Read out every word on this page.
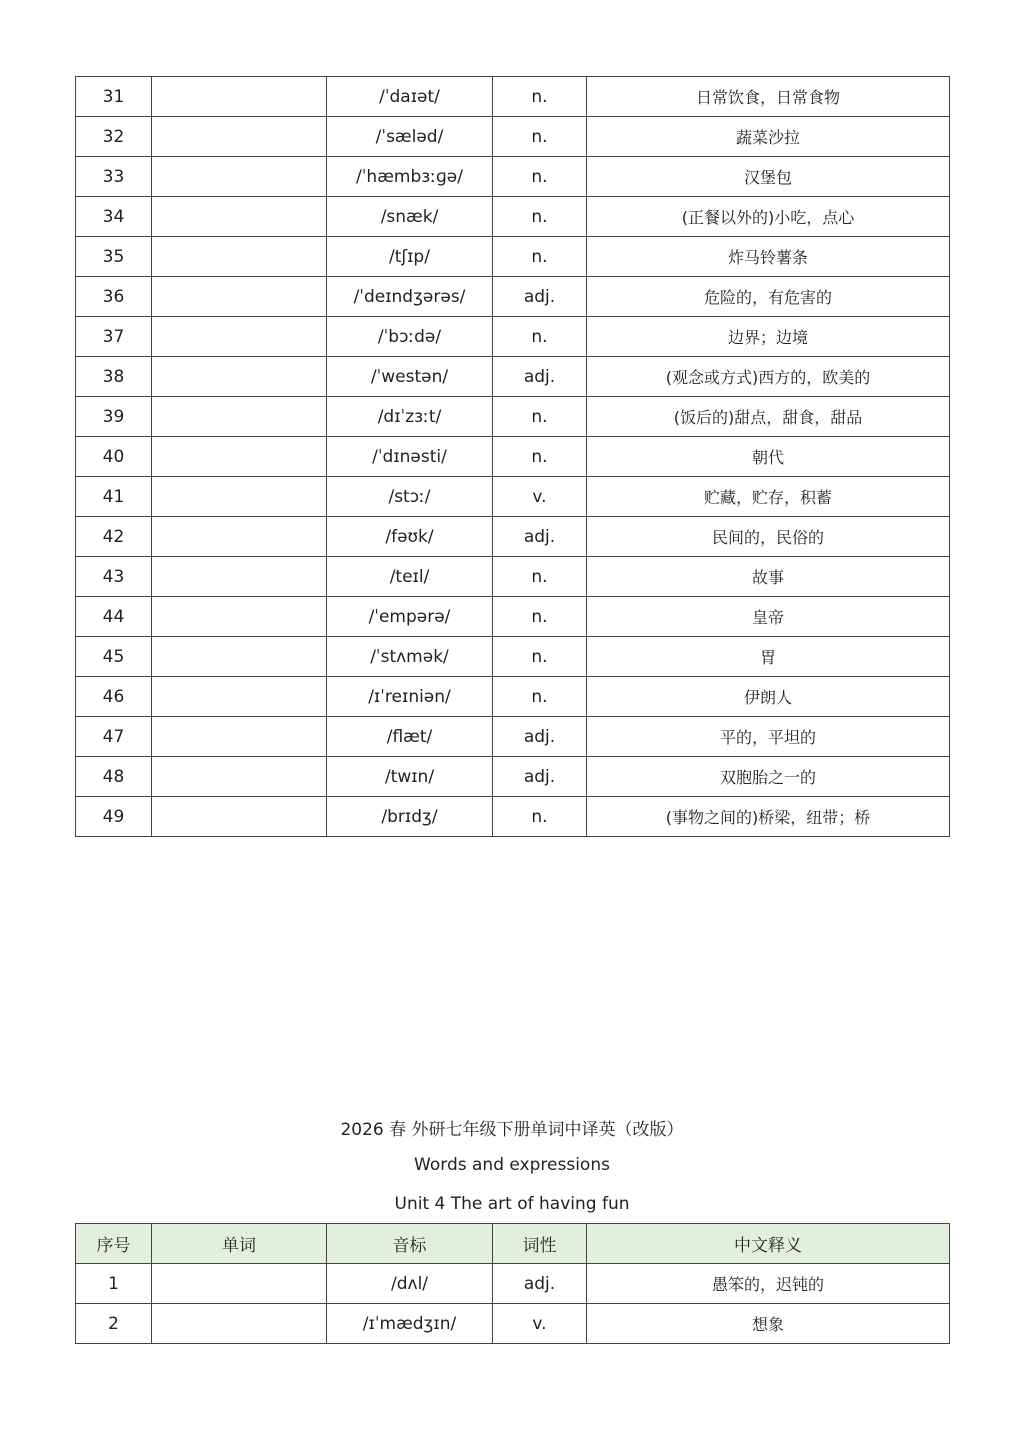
31		/ˈdaɪət/	n.	日常饮食，日常食物
32		/ˈsæləd/	n.	蔬菜沙拉
33		/ˈhæmbɜːɡə/	n.	汉堡包
34		/snæk/	n.	(正餐以外的)小吃，点心
35		/tʃɪp/	n.	炸马铃薯条
36		/ˈdeɪndʒərəs/	adj.	危险的，有危害的
37		/ˈbɔːdə/	n.	边界；边境
38		/ˈwestən/	adj.	(观念或方式)西方的，欧美的
39		/dɪˈzɜːt/	n.	(饭后的)甜点，甜食，甜品
40		/ˈdɪnəsti/	n.	朝代
41		/stɔː/	v.	贮藏，贮存，积蓄
42		/fəʊk/	adj.	民间的，民俗的
43		/teɪl/	n.	故事
44		/ˈempərə/	n.	皇帝
45		/ˈstʌmək/	n.	胃
46		/ɪˈreɪniən/	n.	伊朗人
47		/flæt/	adj.	平的，平坦的
48		/twɪn/	adj.	双胞胎之一的
49		/brɪdʒ/	n.	(事物之间的)桥梁，纽带；桥
2026 春 外研七年级下册单词中译英（改版）
Words and expressions
Unit 4 The art of having fun
序号	单词	音标	词性	中文释义
1		/dʌl/	adj.	愚笨的，迟钝的
2		/ɪˈmædʒɪn/	v.	想象
